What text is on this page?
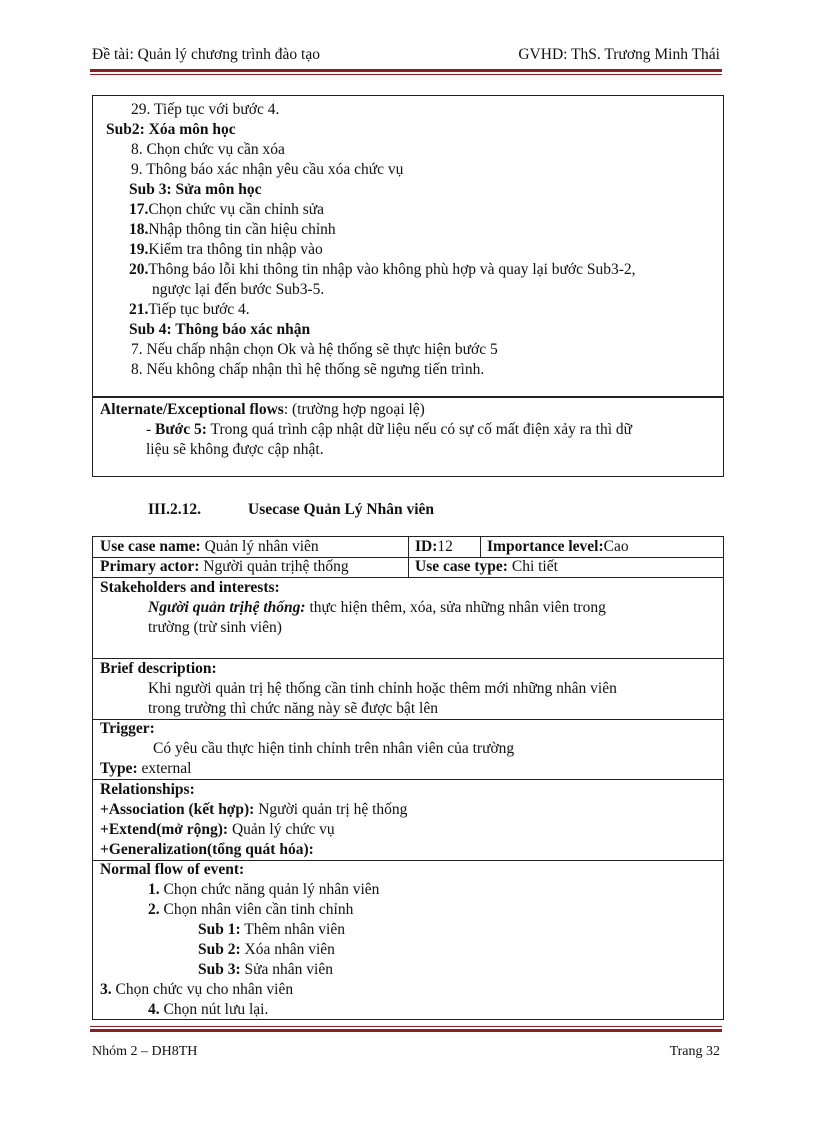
Đề tài: Quản lý chương trình đào tạo	GVHD: ThS. Trương Minh Thái
29. Tiếp tục với bước 4.
Sub2: Xóa môn học
8. Chọn chức vụ cần xóa
9. Thông báo xác nhận yêu cầu xóa chức vụ
Sub 3: Sửa môn học
17.Chọn chức vụ cần chỉnh sửa
18.Nhập thông tin cần hiệu chỉnh
19.Kiểm tra thông tin nhập vào
20.Thông báo lỗi khi thông tin nhập vào không phù hợp và quay lại bước Sub3-2,
ngược lại đến bước Sub3-5.
21.Tiếp tục bước 4.
Sub 4: Thông báo xác nhận
7. Nếu chấp nhận chọn Ok và hệ thống sẽ thực hiện bước 5
8. Nếu không chấp nhận thì hệ thống sẽ ngưng tiến trình.
Alternate/Exceptional flows: (trường hợp ngoại lệ)
- Bước 5: Trong quá trình cập nhật dữ liệu nếu có sự cố mất điện xảy ra thì dữ
liệu sẽ không được cập nhật.
III.2.12.	Usecase Quản Lý Nhân viên
Use case name: Quản lý nhân viên	ID:12 Importance level:Cao
Primary actor: Người quản trịhệ thống	Use case type: Chi tiết
Stakeholders and interests:
Người quản trịhệ thống: thực hiện thêm, xóa, sửa những nhân viên trong
trường (trừ sinh viên)
Brief description:
Khi người quản trị hệ thống cần tinh chỉnh hoặc thêm mới những nhân viên
trong trường thì chức năng này sẽ được bật lên
Trigger:
Có yêu cầu thực hiện tinh chỉnh trên nhân viên của trường
Type: external
Relationships:
+Association (kết hợp): Người quản trị hệ thống
+Extend(mở rộng): Quản lý chức vụ
+Generalization(tổng quát hóa):
Normal flow of event:
1. Chọn chức năng quản lý nhân viên
2. Chọn nhân viên cần tinh chỉnh
Sub 1: Thêm nhân viên
Sub 2: Xóa nhân viên
Sub 3: Sửa nhân viên
3. Chọn chức vụ cho nhân viên
4. Chọn nút lưu lại.
Nhóm 2 – DH8TH	Trang 32
